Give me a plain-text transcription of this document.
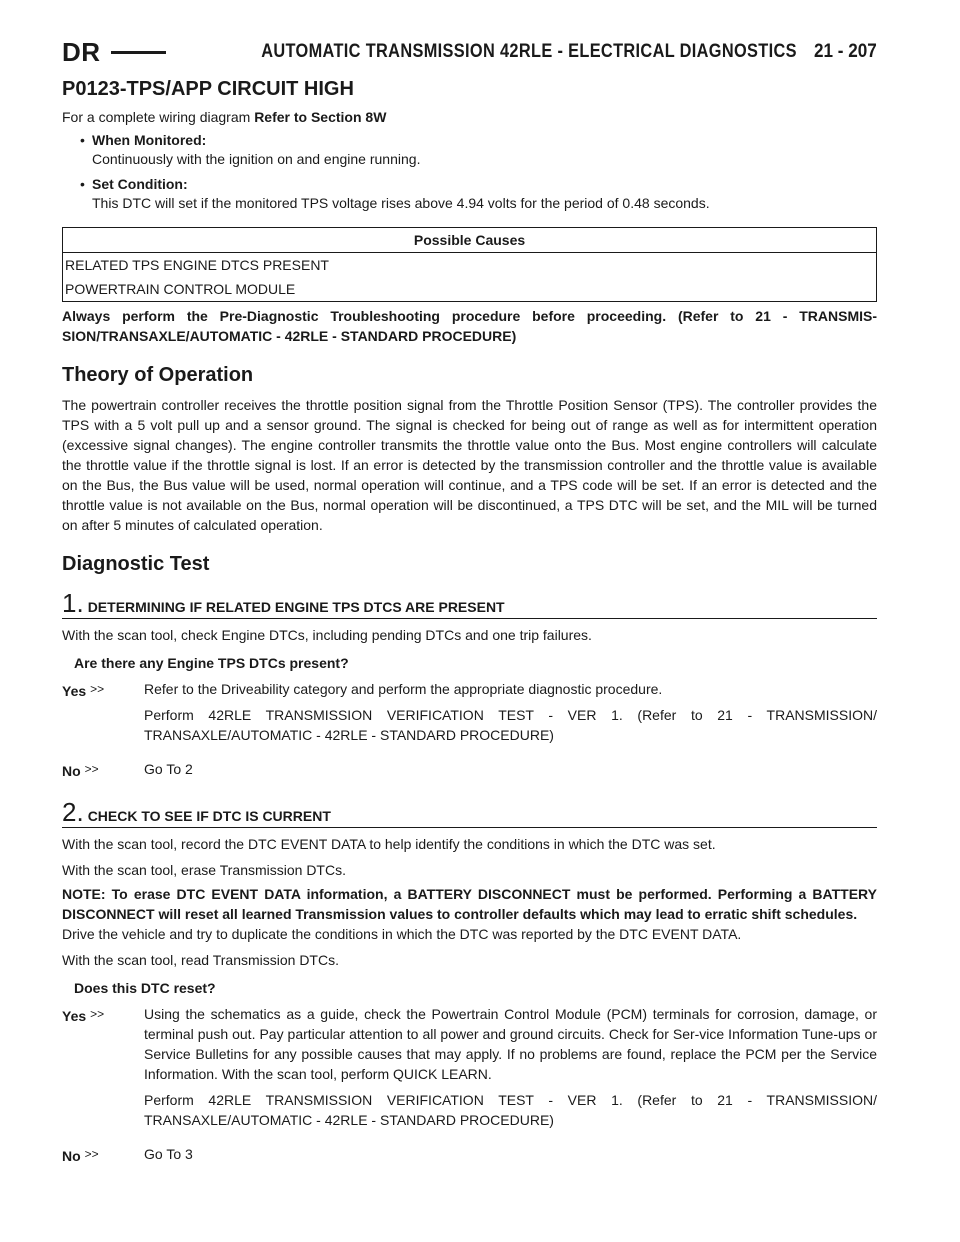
DR	AUTOMATIC TRANSMISSION 42RLE - ELECTRICAL DIAGNOSTICS 21 - 207
P0123-TPS/APP CIRCUIT HIGH

For a complete wiring diagram Refer to Section 8W

• When Monitored:
Continuously with the ignition on and engine running.
• Set Condition:
This DTC will set if the monitored TPS voltage rises above 4.94 volts for the period of 0.48 seconds.
Possible Causes
RELATED TPS ENGINE DTCS PRESENT
POWERTRAIN CONTROL MODULE
Always perform the Pre-Diagnostic Troubleshooting procedure before proceeding. (Refer to 21 - TRANSMIS-SION/TRANSAXLE/AUTOMATIC - 42RLE - STANDARD PROCEDURE)
Theory of Operation

The powertrain controller receives the throttle position signal from the Throttle Position Sensor (TPS). The controller provides the TPS with a 5 volt pull up and a sensor ground. The signal is checked for being out of range as well as for intermittent operation (excessive signal changes). The engine controller transmits the throttle value onto the Bus. Most engine controllers will calculate the throttle value if the throttle signal is lost. If an error is detected by the transmission controller and the throttle value is available on the Bus, the Bus value will be used, normal operation will continue, and a TPS code will be set. If an error is detected and the throttle value is not available on the Bus, normal operation will be discontinued, a TPS DTC will be set, and the MIL will be turned on after 5 minutes of calculated operation.

Diagnostic Test
1. DETERMINING IF RELATED ENGINE TPS DTCS ARE PRESENT
With the scan tool, check Engine DTCs, including pending DTCs and one trip failures.
Are there any Engine TPS DTCs present?
Yes >>	Refer to the Driveability category and perform the appropriate diagnostic procedure.

Perform 42RLE TRANSMISSION VERIFICATION TEST - VER 1. (Refer to 21 - TRANSMISSION/ TRANSAXLE/AUTOMATIC - 42RLE - STANDARD PROCEDURE)

No >>	Go To 2

2. CHECK TO SEE IF DTC IS CURRENT
With the scan tool, record the DTC EVENT DATA to help identify the conditions in which the DTC was set.
With the scan tool, erase Transmission DTCs.
NOTE: To erase DTC EVENT DATA information, a BATTERY DISCONNECT must be performed. Performing a BATTERY DISCONNECT will reset all learned Transmission values to controller defaults which may lead to erratic shift schedules.
Drive the vehicle and try to duplicate the conditions in which the DTC was reported by the DTC EVENT DATA.
With the scan tool, read Transmission DTCs.
Does this DTC reset?
Yes >>	Using the schematics as a guide, check the Powertrain Control Module (PCM) terminals for corrosion, damage, or terminal push out. Pay particular attention to all power and ground circuits. Check for Ser-vice Information Tune-ups or Service Bulletins for any possible causes that may apply. If no problems are found, replace the PCM per the Service Information. With the scan tool, perform QUICK LEARN.

Perform 42RLE TRANSMISSION VERIFICATION TEST - VER 1. (Refer to 21 - TRANSMISSION/ TRANSAXLE/AUTOMATIC - 42RLE - STANDARD PROCEDURE)

No >>	Go To 3
